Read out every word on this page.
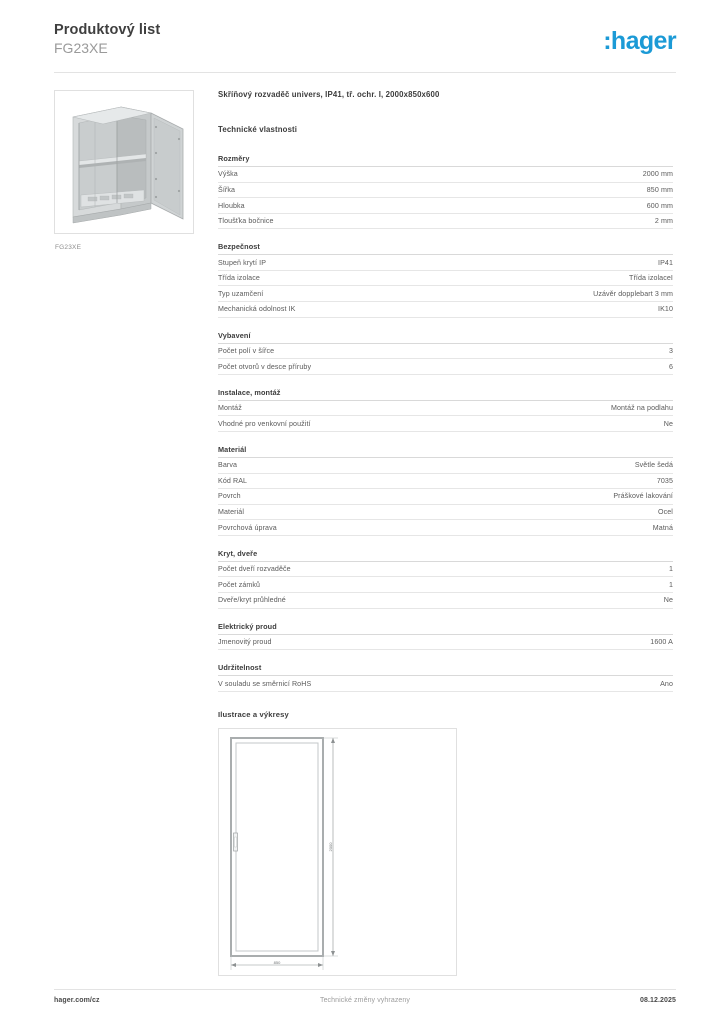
Produktový list
FG23XE	:hager
FG23XE
Skříňový rozvaděč univers, IP41, tř. ochr. I, 2000x850x600
Technické vlastnosti
Rozměry
Výška	2000 mm
Šířka	850 mm
Hloubka	600 mm
Tloušťka bočnice	2 mm
Bezpečnost
Stupeň krytí IP	IP41
Třída izolace	Třída izolaceI
Typ uzamčení	Uzávěr dopplebart 3 mm
Mechanická odolnost IK	IK10
Vybavení
Počet polí v šířce	3
Počet otvorů v desce příruby	6
Instalace, montáž
Montáž	Montáž na podlahu
Vhodné pro venkovní použití	Ne
Materiál
Barva	Světle šedá
Kód RAL	7035
Povrch	Práškové lakování
Materiál	Ocel
Povrchová úprava	Matná
Kryt, dveře
Počet dveří rozvaděče	1
Počet zámků	1
Dveře/kryt průhledné	Ne
Elektrický proud
Jmenovitý proud	1600 A
Udržitelnost
V souladu se směrnicí RoHS	Ano
Ilustrace a výkresy
2000
850
hager.com/cz	Technické změny vyhrazeny	08.12.2025
